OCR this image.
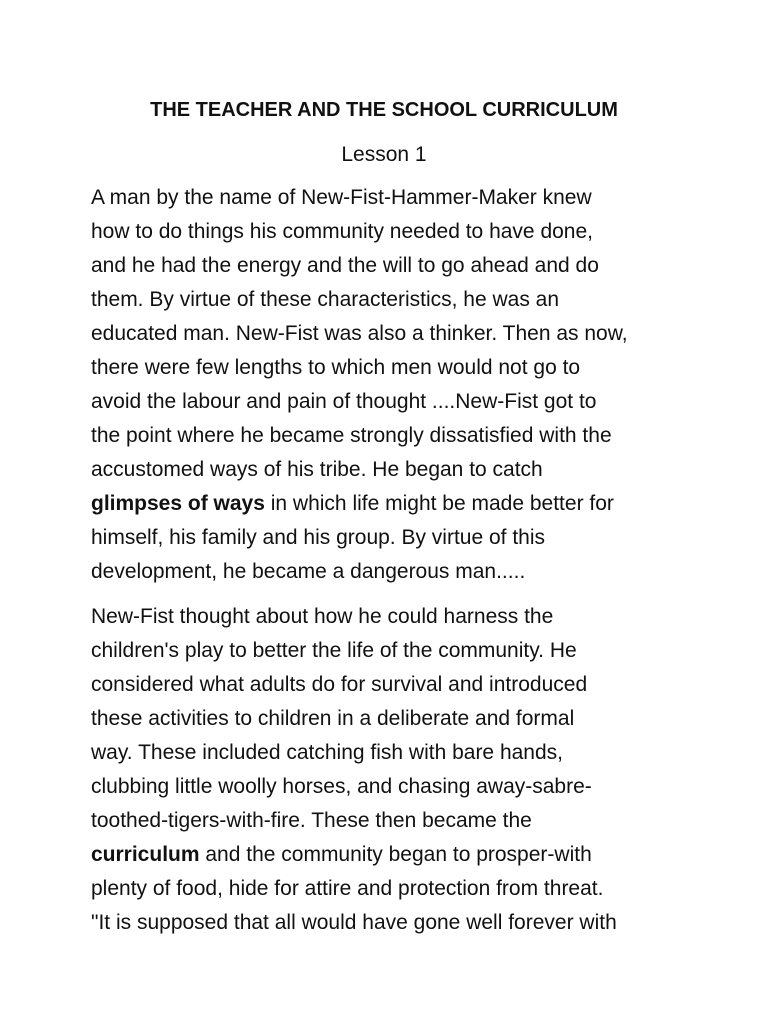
THE TEACHER AND THE SCHOOL CURRICULUM
Lesson 1
A man by the name of New-Fist-Hammer-Maker knew
how to do things his community needed to have done,
and he had the energy and the will to go ahead and do
them. By virtue of these characteristics, he was an
educated man. New-Fist was also a thinker. Then as now,
there were few lengths to which men would not go to
avoid the labour and pain of thought ....New-Fist got to
the point where he became strongly dissatisfied with the
accustomed ways of his tribe. He began to catch
glimpses of ways in which life might be made better for
himself, his family and his group. By virtue of this
development, he became a dangerous man.....
New-Fist thought about how he could harness the
children's play to better the life of the community. He
considered what adults do for survival and introduced
these activities to children in a deliberate and formal
way. These included catching fish with bare hands,
clubbing little woolly horses, and chasing away-sabre-
toothed-tigers-with-fire. These then became the
curriculum and the community began to prosper-with
plenty of food, hide for attire and protection from threat.
"It is supposed that all would have gone well forever with
